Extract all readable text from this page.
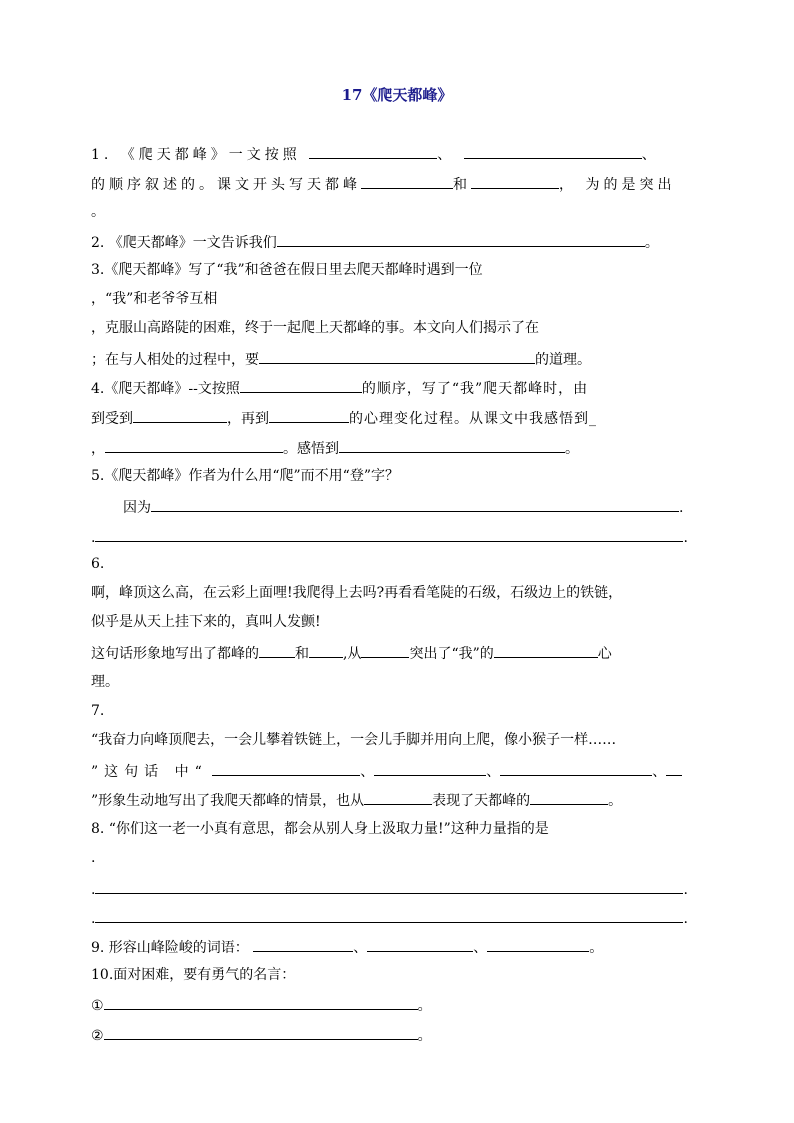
17《爬天都峰》
1. 《爬天都峰》一文按照	、	、
的顺序叙述的。课文开头写天都峰	和	， 为的是突出
。
2. 《爬天都峰》一文告诉我们	。
3.《爬天都峰》写了“我”和爸爸在假日里去爬天都峰时遇到一位
，“我”和老爷爷互相
，克服山高路陡的困难，终于一起爬上天都峰的事。本文向人们揭示了在
；在与人相处的过程中，要	的道理。
4.《爬天都峰》--文按照	的顺序，写了“我”爬天都峰时，由
到受到	，再到	的心理变化过程。从课文中我感悟到_
，	。感悟到	。
5.《爬天都峰》作者为什么用“爬”而不用“登”字？
因为	.
.	.
6.
啊，峰顶这么高，在云彩上面哩!我爬得上去吗?再看看笔陡的石级，石级边上的铁链，
似乎是从天上挂下来的，真叫人发颤!
这句话形象地写出了都峰的	和 ,从	突出了“我”的	心
理。
7.
“我奋力向峰顶爬去，一会儿攀着铁链上，一会儿手脚并用向上爬，像小猴子一样……
”这句话 中“	、	、	、
”形象生动地写出了我爬天都峰的情景，也从	表现了天都峰的	。
8. “你们这一老一小真有意思，都会从别人身上汲取力量!”这种力量指的是
.
.	.
.	.
9. 形容山峰险峻的词语：	、	、	。
10.面对困难，要有勇气的名言：
①	。
②	。
